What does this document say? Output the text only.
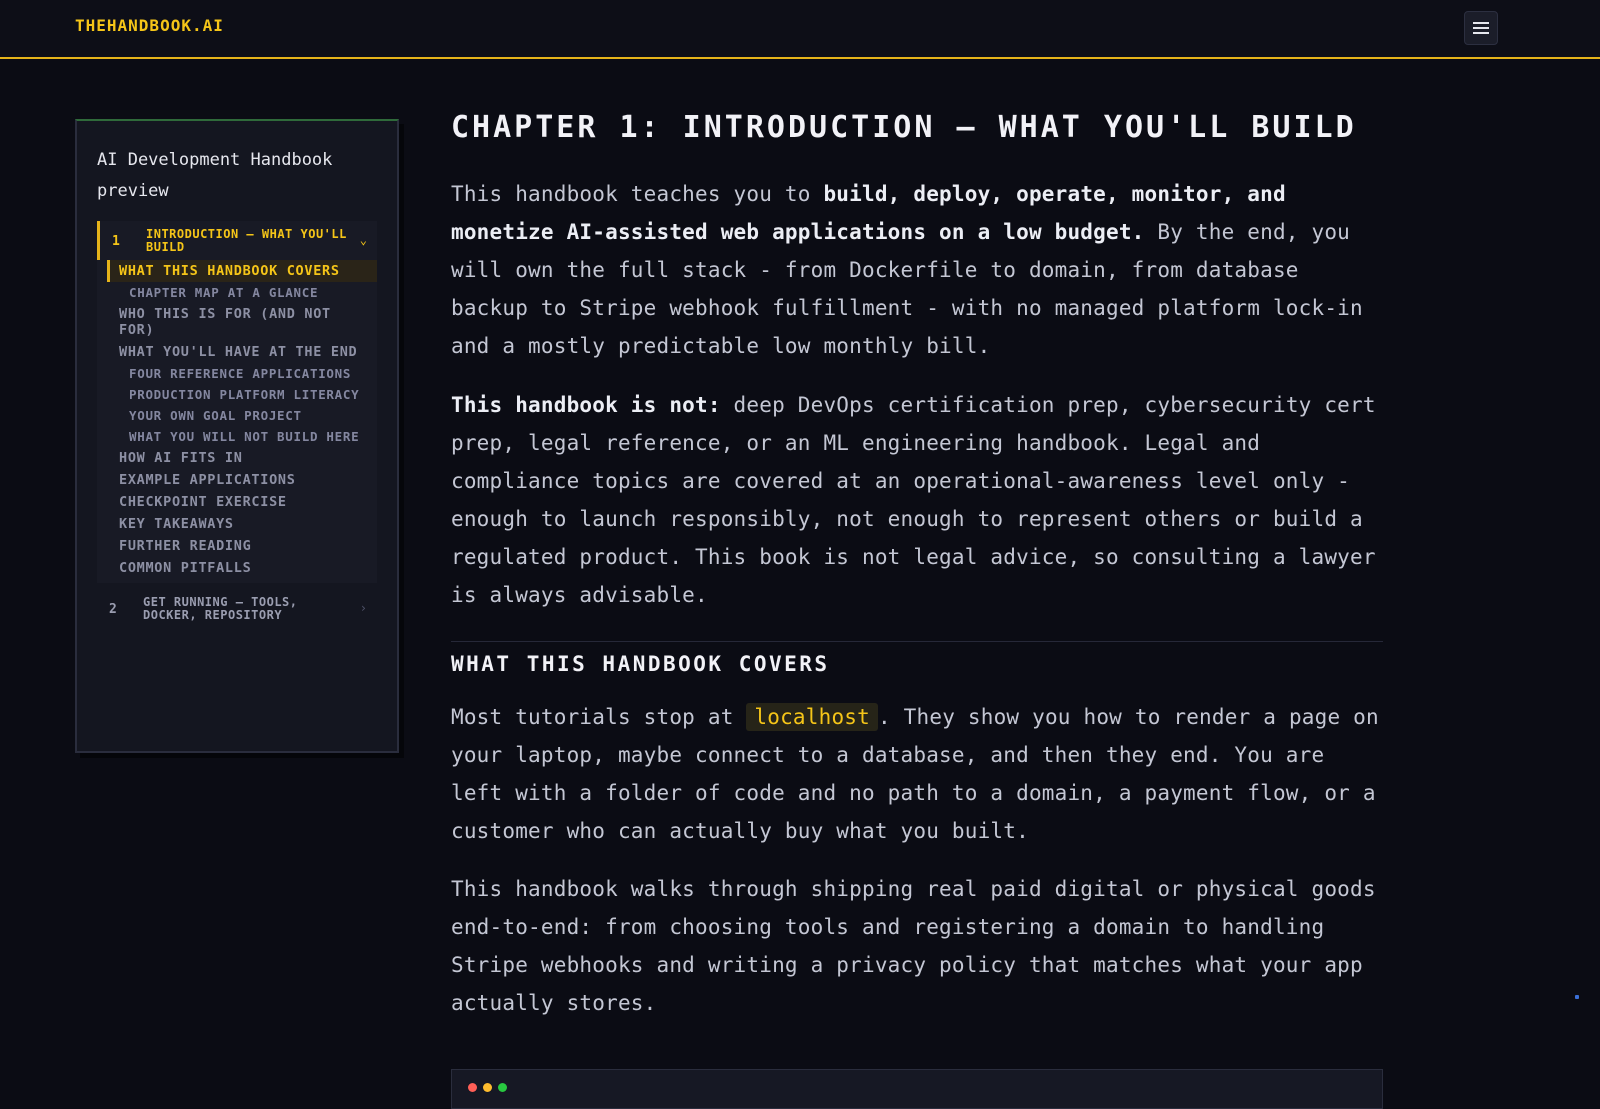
THEHANDBOOK.AI
AI Development Handbook preview
1	INTRODUCTION – WHAT YOU'LL BUILD	⌄
WHAT THIS HANDBOOK COVERS
CHAPTER MAP AT A GLANCE
WHO THIS IS FOR (AND NOT FOR)
WHAT YOU'LL HAVE AT THE END
FOUR REFERENCE APPLICATIONS
PRODUCTION PLATFORM LITERACY
YOUR OWN GOAL PROJECT
WHAT YOU WILL NOT BUILD HERE
HOW AI FITS IN
EXAMPLE APPLICATIONS
CHECKPOINT EXERCISE
KEY TAKEAWAYS
FURTHER READING
COMMON PITFALLS
2	GET RUNNING – TOOLS, DOCKER, REPOSITORY	›
CHAPTER 1: INTRODUCTION – WHAT YOU'LL BUILD

This handbook teaches you to build, deploy, operate, monitor, and monetize AI-assisted web applications on a low budget. By the end, you will own the full stack - from Dockerfile to domain, from database backup to Stripe webhook fulfillment - with no managed platform lock-in and a mostly predictable low monthly bill.

This handbook is not: deep DevOps certification prep, cybersecurity cert prep, legal reference, or an ML engineering handbook. Legal and compliance topics are covered at an operational-awareness level only - enough to launch responsibly, not enough to represent others or build a regulated product. This book is not legal advice, so consulting a lawyer is always advisable.

WHAT THIS HANDBOOK COVERS

Most tutorials stop at localhost . They show you how to render a page on your laptop, maybe connect to a database, and then they end. You are left with a folder of code and no path to a domain, a payment flow, or a customer who can actually buy what you built.

This handbook walks through shipping real paid digital or physical goods end-to-end: from choosing tools and registering a domain to handling Stripe webhooks and writing a privacy policy that matches what your app actually stores.
